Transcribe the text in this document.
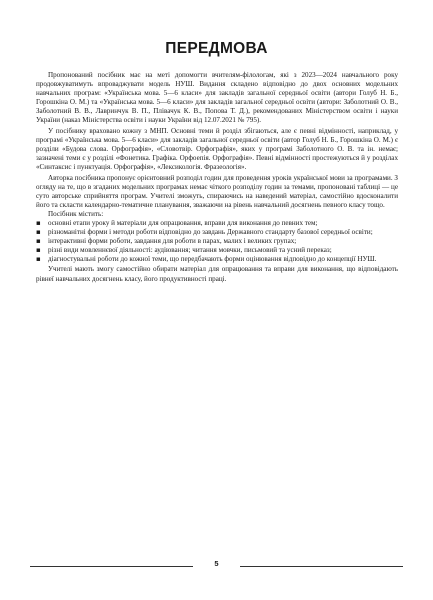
ПЕРЕДМОВА

Пропонований посібник має на меті допомогти вчителям-філологам, які з 2023—2024 навчального року продовжуватимуть впроваджувати модель НУШ. Видання складено відповідно до двох основних модельних навчальних програм: «Українська мова. 5—6 класи» для закладів загальної середньої освіти (автори Голуб Н. Б., Горошкіна О. М.) та «Українська мова. 5—6 класи» для закладів загальної середньої освіти (автори: Заболотний О. В., Заболотний В. В., Лавринчук В. П., Плівачук К. В., Попова Т. Д.), рекомендованих Міністерством освіти і науки України (наказ Міністерства освіти і науки України від 12.07.2021 № 795).

У посібнику враховано кожну з МНП. Основні теми й розділ збігаються, але є певні відмінності, наприклад, у програмі «Українська мова. 5—6 класи» для закладів загальної середньої освіти (автор Голуб Н. Б., Горошкіна О. М.) є розділи «Будова слова. Орфографія», «Словотвір. Орфографія», яких у програмі Заболотного О. В. та ін. немає; зазначені теми є у розділі «Фонетика. Графіка. Орфоепія. Орфографія». Певні відмінності простежуються й у розділах «Синтаксис і пунктуація. Орфографія», «Лексикологія. Фразеологія».

Авторка посібника пропонує орієнтовний розподіл годин для проведення уроків української мови за програмами. З огляду на те, що в згаданих модельних програмах немає чіткого розподілу годин за темами, пропоновані таблиці — це суто авторське сприйняття програм. Учителі зможуть, спираючись на наведений матеріал, самостійно вдосконалити його та скласти календарно-тематичне планування, зважаючи на рівень навчальний досягнень певного класу тощо.

Посібник містить:

▪ основні етапи уроку й матеріали для опрацювання, вправи для виконання до певних тем;
▪ різноманітні форми і методи роботи відповідно до завдань Державного стандарту базової середньої освіти;
▪ інтерактивні форми роботи, завдання для роботи в парах, малих і великих групах;
▪ різні види мовленнєвої діяльності: аудіювання; читання мовчки, письмовий та усний переказ;
▪ діагностувальні роботи до кожної теми, що передбачають форми оцінювання відповідно до концепції НУШ.

Учителі мають змогу самостійно обирати матеріал для опрацювання та вправи для виконання, що відповідають рівнеї навчальних досягнень класу, його продуктивності праці.

5
